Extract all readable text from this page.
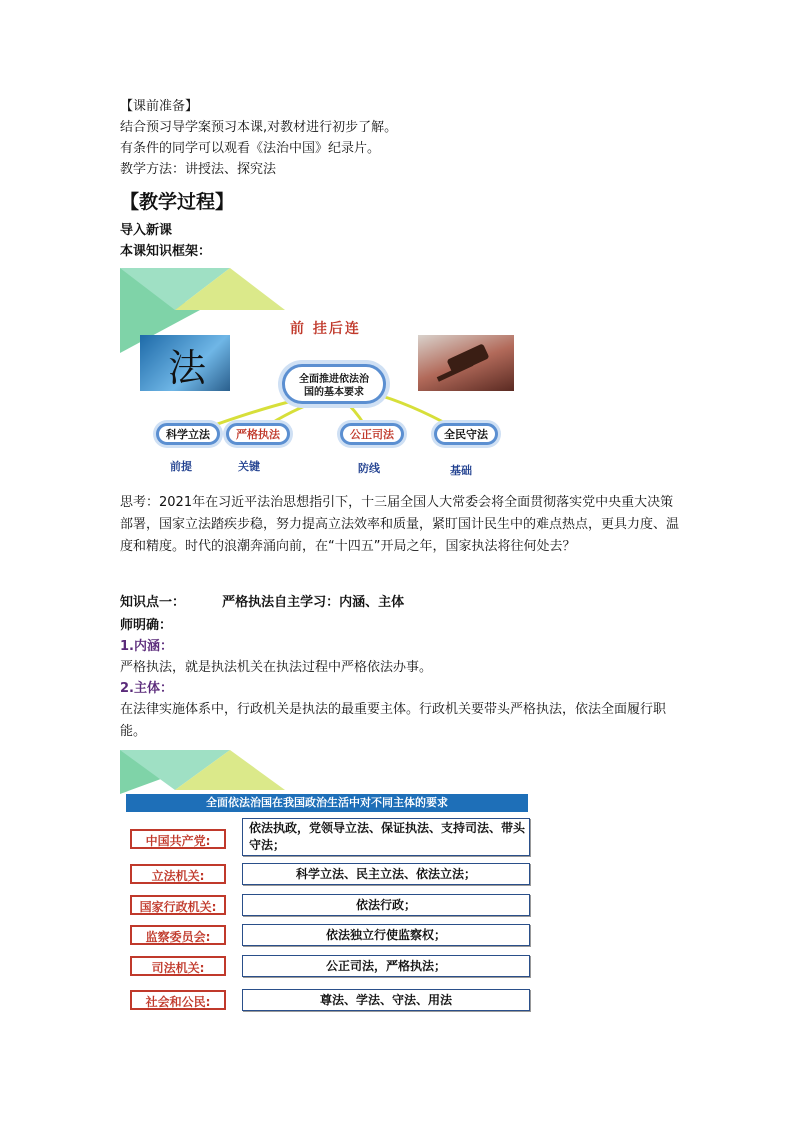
【课前准备】
结合预习导学案预习本课,对教材进行初步了解。
有条件的同学可以观看《法治中国》纪录片。
教学方法：讲授法、探究法
【教学过程】
导入新课
本课知识框架：
法
前 挂后连
全面推进依法治
国的基本要求
科学立法	严格执法	公正司法	全民守法
前提	关键	防线	基础
思考：2021年在习近平法治思想指引下，十三届全国人大常委会将全面贯彻落实党中央重大决策部署，国家立法踏疾步稳，努力提高立法效率和质量，紧盯国计民生中的难点热点，更具力度、温度和精度。时代的浪潮奔涌向前，在“十四五”开局之年，国家执法将往何处去？
知识点一：	严格执法自主学习：内涵、主体
师明确：
1.内涵：
严格执法，就是执法机关在执法过程中严格依法办事。
2.主体：
在法律实施体系中，行政机关是执法的最重要主体。行政机关要带头严格执法，依法全面履行职能。
全面依法治国在我国政治生活中对不同主体的要求
中国共产党:
依法执政，党领导立法、保证执法、支持司法、带头守法；
立法机关:	科学立法、民主立法、依法立法；
国家行政机关:	依法行政；
监察委员会:	依法独立行使监察权；
司法机关:	公正司法，严格执法；
社会和公民:	尊法、学法、守法、用法
